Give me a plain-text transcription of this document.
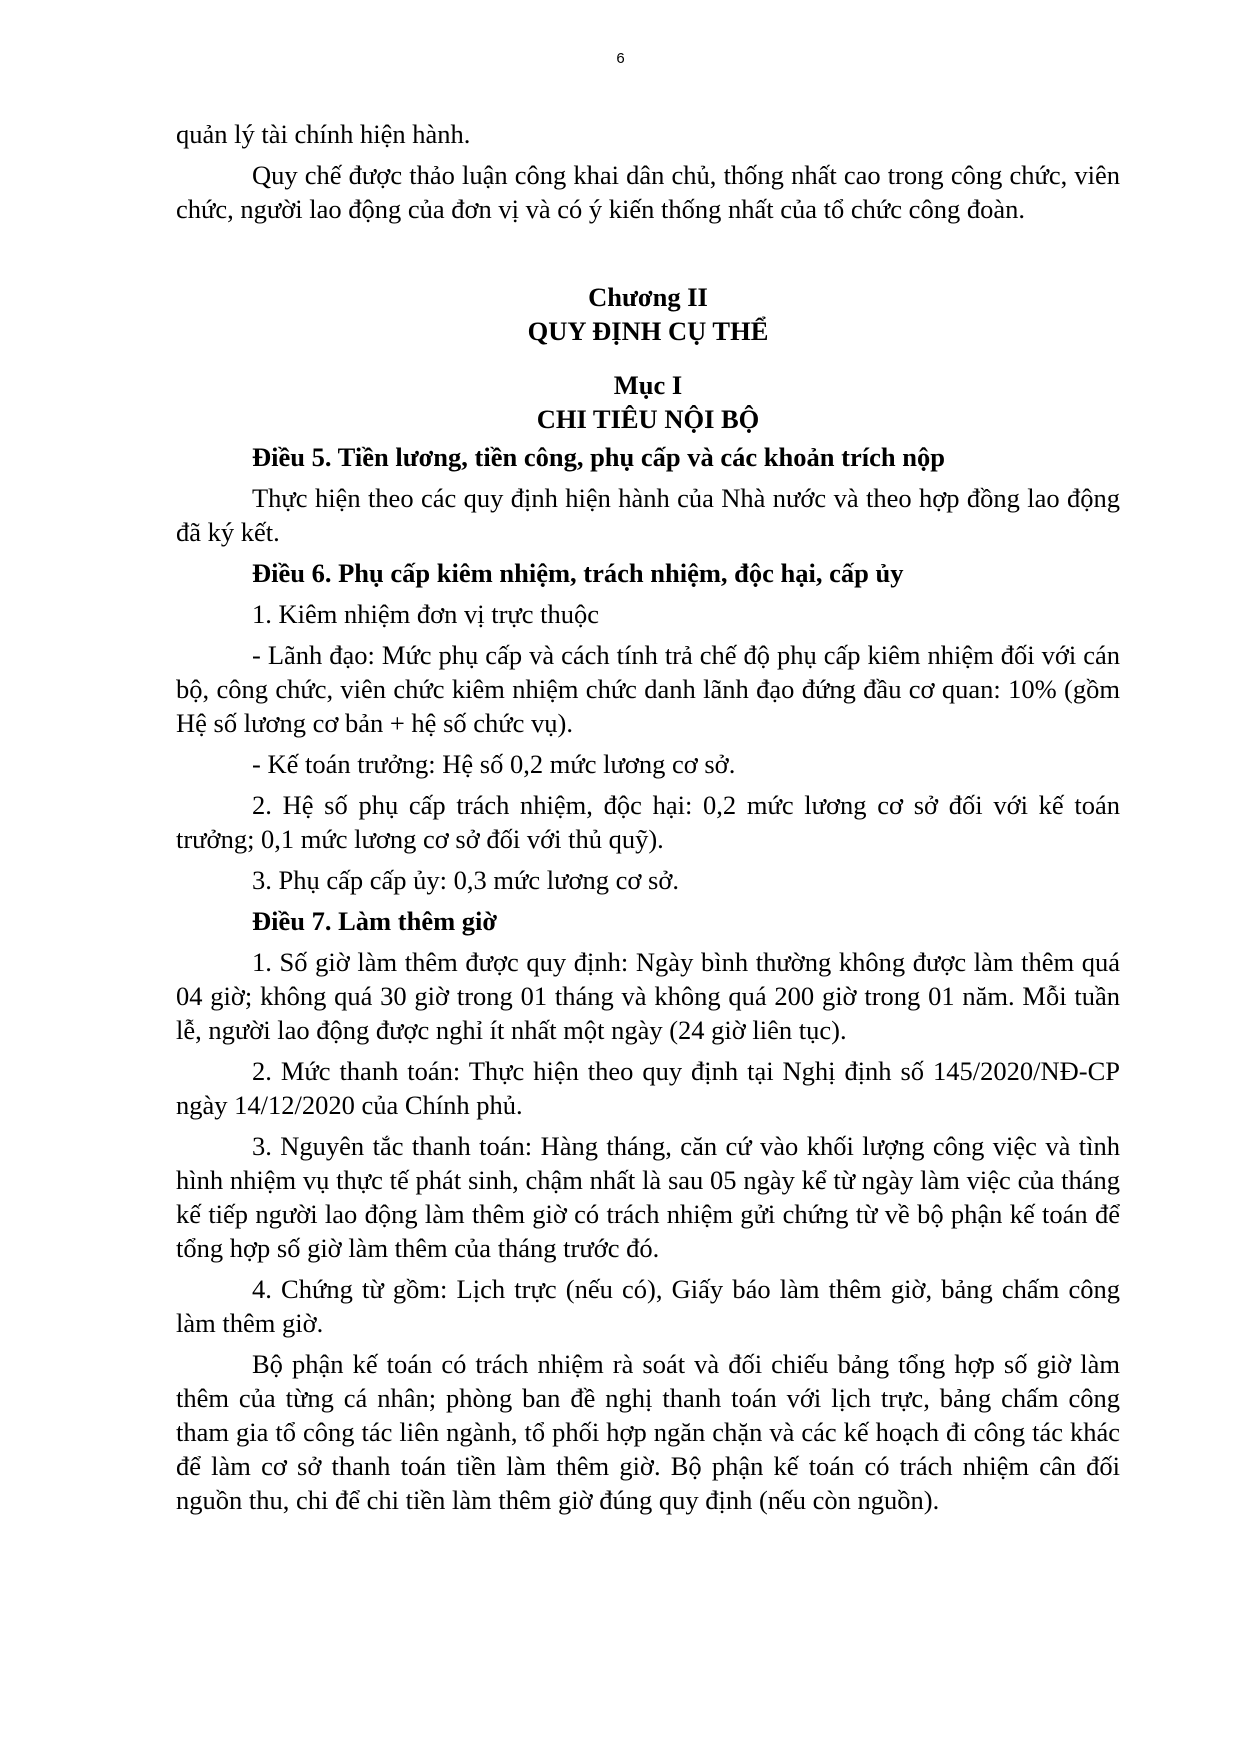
6

quản lý tài chính hiện hành.

Quy chế được thảo luận công khai dân chủ, thống nhất cao trong công chức, viên chức, người lao động của đơn vị và có ý kiến thống nhất của tổ chức công đoàn.

Chương II

QUY ĐỊNH CỤ THỂ

Mục I

CHI TIÊU NỘI BỘ

Điều 5. Tiền lương, tiền công, phụ cấp và các khoản trích nộp

Thực hiện theo các quy định hiện hành của Nhà nước và theo hợp đồng lao động đã ký kết.

Điều 6. Phụ cấp kiêm nhiệm, trách nhiệm, độc hại, cấp ủy

1. Kiêm nhiệm đơn vị trực thuộc

- Lãnh đạo: Mức phụ cấp và cách tính trả chế độ phụ cấp kiêm nhiệm đối với cán bộ, công chức, viên chức kiêm nhiệm chức danh lãnh đạo đứng đầu cơ quan: 10% (gồm Hệ số lương cơ bản + hệ số chức vụ).

- Kế toán trưởng: Hệ số 0,2 mức lương cơ sở.

2. Hệ số phụ cấp trách nhiệm, độc hại: 0,2 mức lương cơ sở đối với kế toán trưởng; 0,1 mức lương cơ sở đối với thủ quỹ).

3. Phụ cấp cấp ủy: 0,3 mức lương cơ sở.

Điều 7. Làm thêm giờ

1. Số giờ làm thêm được quy định: Ngày bình thường không được làm thêm quá 04 giờ; không quá 30 giờ trong 01 tháng và không quá 200 giờ trong 01 năm. Mỗi tuần lễ, người lao động được nghỉ ít nhất một ngày (24 giờ liên tục).

2. Mức thanh toán: Thực hiện theo quy định tại Nghị định số 145/2020/NĐ-CP ngày 14/12/2020 của Chính phủ.

3. Nguyên tắc thanh toán: Hàng tháng, căn cứ vào khối lượng công việc và tình hình nhiệm vụ thực tế phát sinh, chậm nhất là sau 05 ngày kể từ ngày làm việc của tháng kế tiếp người lao động làm thêm giờ có trách nhiệm gửi chứng từ về bộ phận kế toán để tổng hợp số giờ làm thêm của tháng trước đó.

4. Chứng từ gồm: Lịch trực (nếu có), Giấy báo làm thêm giờ, bảng chấm công làm thêm giờ.

Bộ phận kế toán có trách nhiệm rà soát và đối chiếu bảng tổng hợp số giờ làm thêm của từng cá nhân; phòng ban đề nghị thanh toán với lịch trực, bảng chấm công tham gia tổ công tác liên ngành, tổ phối hợp ngăn chặn và các kế hoạch đi công tác khác để làm cơ sở thanh toán tiền làm thêm giờ. Bộ phận kế toán có trách nhiệm cân đối nguồn thu, chi để chi tiền làm thêm giờ đúng quy định (nếu còn nguồn).
